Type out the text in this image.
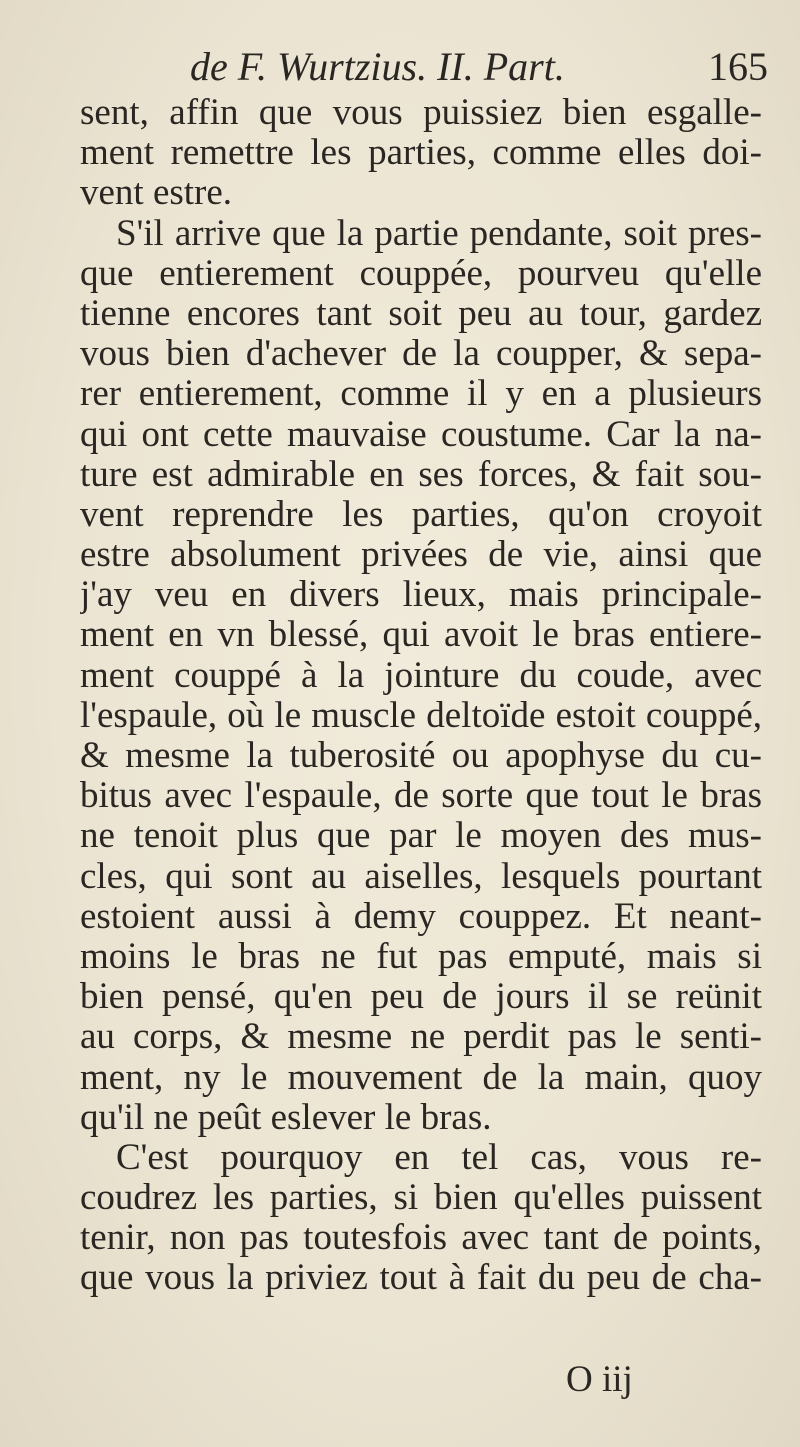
de F. Wurtzius. II. Part.	165
sent, affin que vous puissiez bien esgalle-
ment remettre les parties, comme elles doi-
vent estre.
S'il arrive que la partie pendante, soit pres-
que entierement couppée, pourveu qu'elle
tienne encores tant soit peu au tour, gardez
vous bien d'achever de la coupper, & sepa-
rer entierement, comme il y en a plusieurs
qui ont cette mauvaise coustume. Car la na-
ture est admirable en ses forces, & fait sou-
vent reprendre les parties, qu'on croyoit
estre absolument privées de vie, ainsi que
j'ay veu en divers lieux, mais principale-
ment en vn blessé, qui avoit le bras entiere-
ment couppé à la jointure du coude, avec
l'espaule, où le muscle deltoïde estoit couppé,
& mesme la tuberosité ou apophyse du cu-
bitus avec l'espaule, de sorte que tout le bras
ne tenoit plus que par le moyen des mus-
cles, qui sont au aiselles, lesquels pourtant
estoient aussi à demy couppez. Et neant-
moins le bras ne fut pas emputé, mais si
bien pensé, qu'en peu de jours il se reünit
au corps, & mesme ne perdit pas le senti-
ment, ny le mouvement de la main, quoy
qu'il ne peût eslever le bras.
C'est pourquoy en tel cas, vous re-
coudrez les parties, si bien qu'elles puissent
tenir, non pas toutesfois avec tant de points,
que vous la priviez tout à fait du peu de cha-
O iij
